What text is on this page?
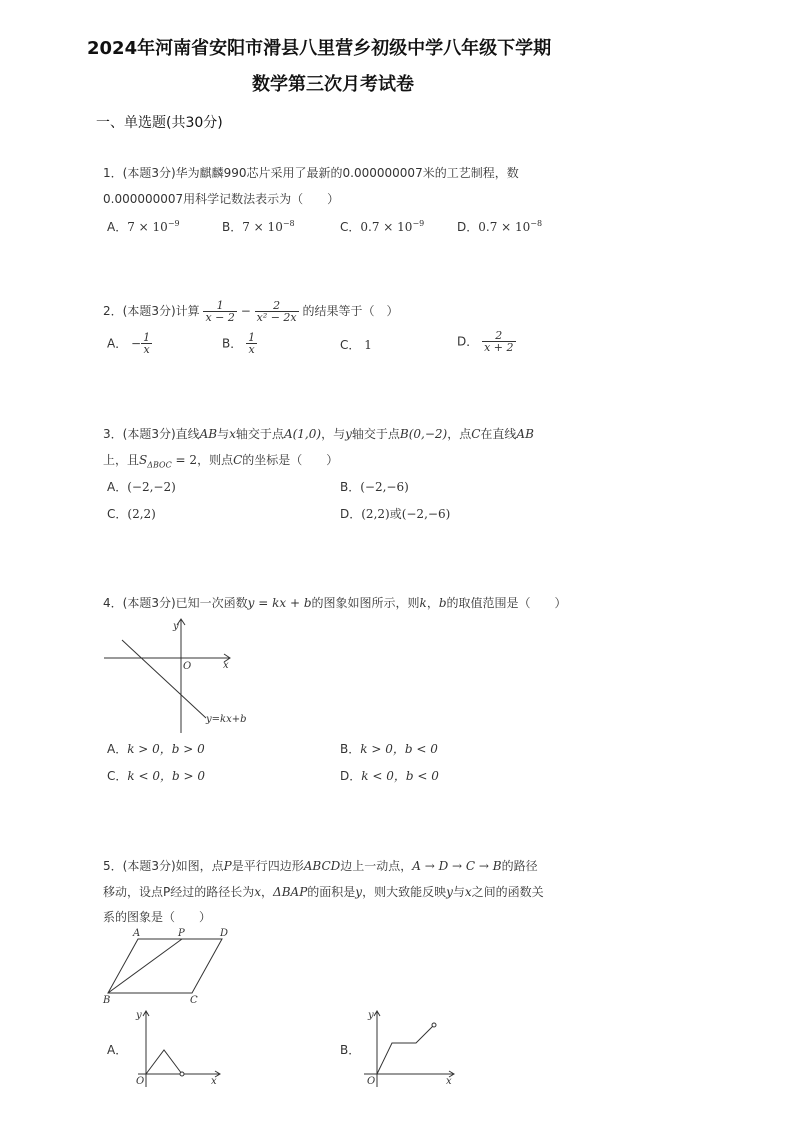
2024年河南省安阳市滑县八里营乡初级中学八年级下学期
数学第三次月考试卷
一、单选题(共30分)
1．(本题3分)华为麒麟990芯片采用了最新的0.000000007米的工艺制程，数
0.000000007用科学记数法表示为（　　）
A．$7 \times 10^{-9}$	B．$7 \times 10^{-8}$	C．$0.7 \times 10^{-9}$	D．$0.7 \times 10^{-8}$
2．(本题3分)计算 $\frac{1}{x - 2} - \frac{2}{\text{x² − 2x}}$ 的结果等于（　）
A． − $\frac{1}{x}$	B． $\frac{1}{x}$	C． 1	D． $\frac{2}{x + 2}$
3．(本题3分)直线AB与x轴交于点A(1,0)，与y轴交于点B(0,−2)，点C在直线AB
上，且$S_{\Delta BOC} = 2$，则点C的坐标是（　　）
A．(−2,−2)	B．(−2,−6)
C．(2,2)	D．(2,2)或(−2,−6)
4．(本题3分)已知一次函数y = kx + b的图象如图所示，则k，b的取值范围是（　　）
y
x
O
y=kx+b
A．k > 0，b > 0	B．k > 0，b < 0
C．k < 0，b > 0	D．k < 0，b < 0
5．(本题3分)如图，点P是平行四边形ABCD边上一动点，A → D → C → B的路径
移动，设点P经过的路径长为x，ΔBAP的面积是y，则大致能反映y与x之间的函数关
系的图象是（　　）
A	P	D
B	C
A．
y
O	x
B．
y
O	x
